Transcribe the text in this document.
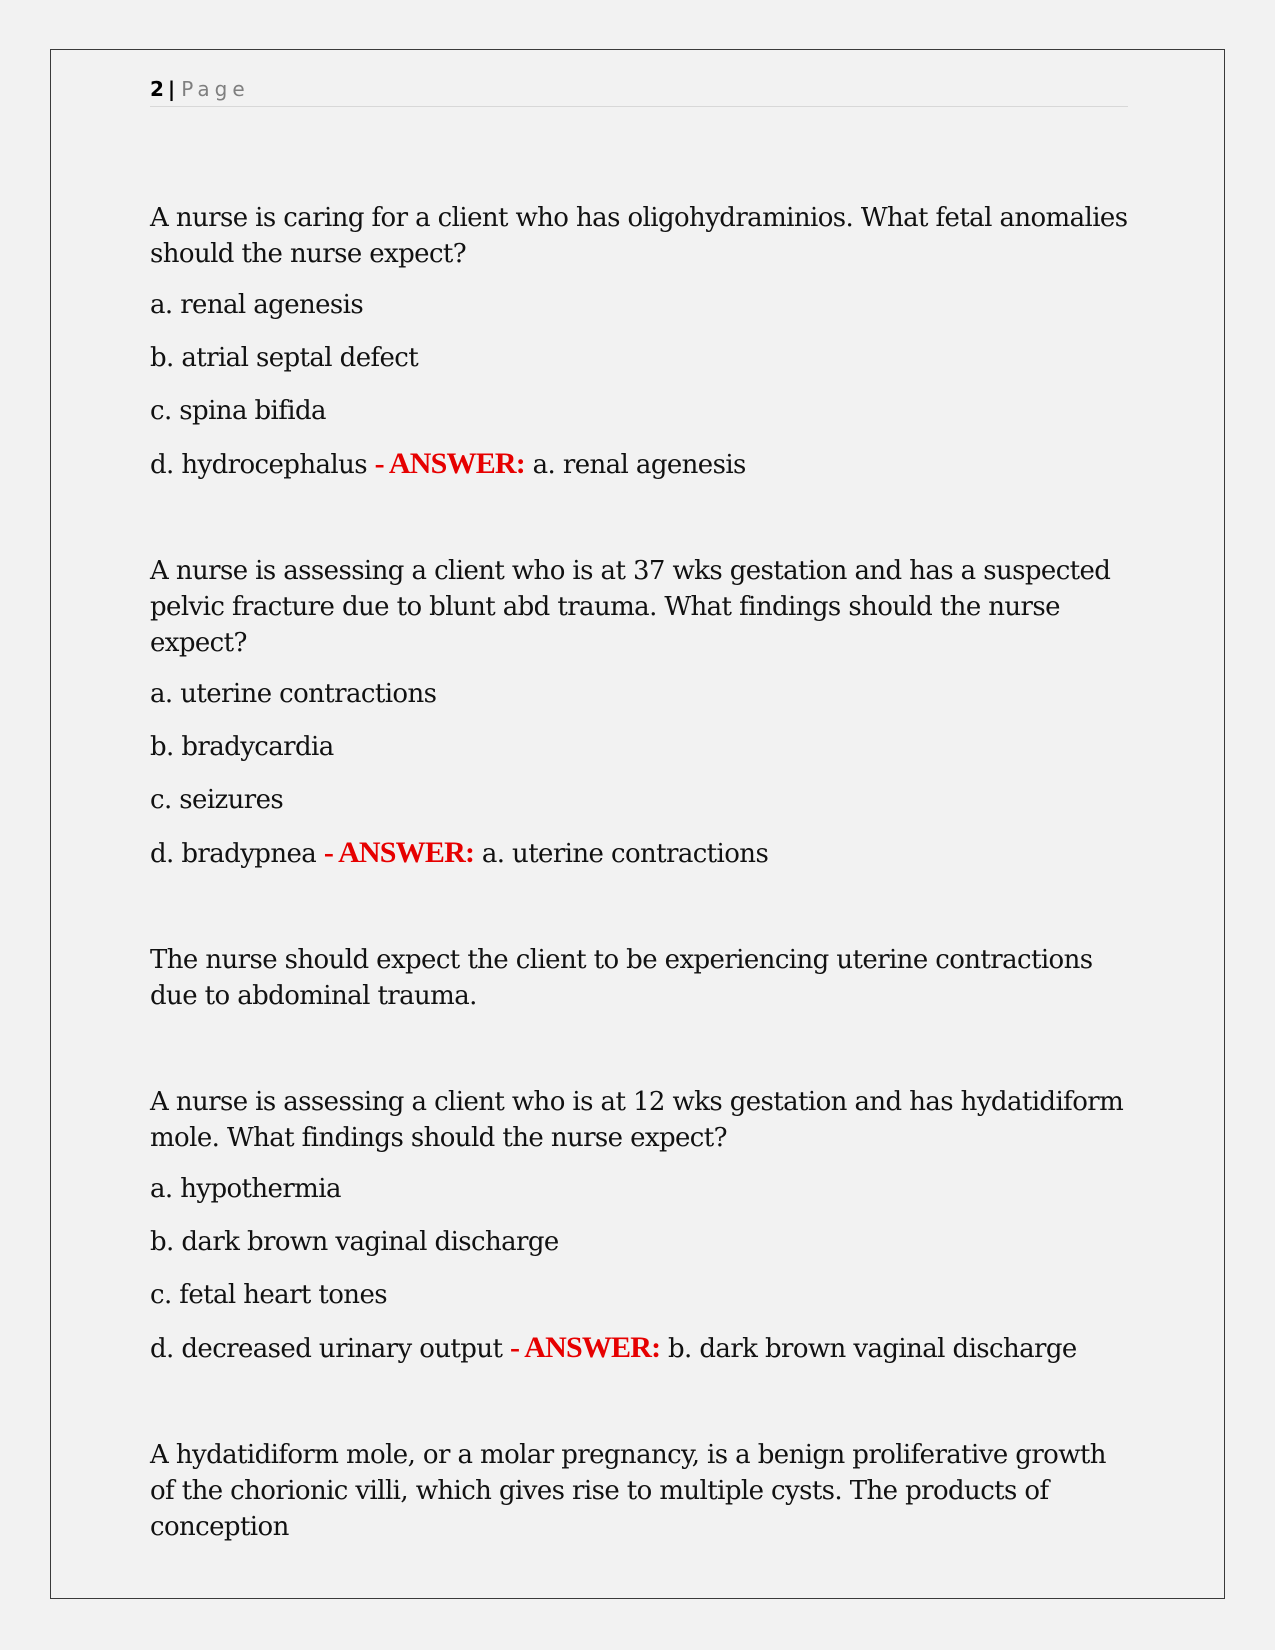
2 | Page

A nurse is caring for a client who has oligohydraminios. What fetal anomalies should the nurse expect?

a. renal agenesis

b. atrial septal defect

c. spina bifida

d. hydrocephalus - ANSWER: a. renal agenesis

A nurse is assessing a client who is at 37 wks gestation and has a suspected pelvic fracture due to blunt abd trauma. What findings should the nurse expect?

a. uterine contractions

b. bradycardia

c. seizures

d. bradypnea - ANSWER: a. uterine contractions

The nurse should expect the client to be experiencing uterine contractions due to abdominal trauma.

A nurse is assessing a client who is at 12 wks gestation and has hydatidiform mole. What findings should the nurse expect?

a. hypothermia

b. dark brown vaginal discharge

c. fetal heart tones

d. decreased urinary output - ANSWER: b. dark brown vaginal discharge

A hydatidiform mole, or a molar pregnancy, is a benign proliferative growth of the chorionic villi, which gives rise to multiple cysts. The products of conception
